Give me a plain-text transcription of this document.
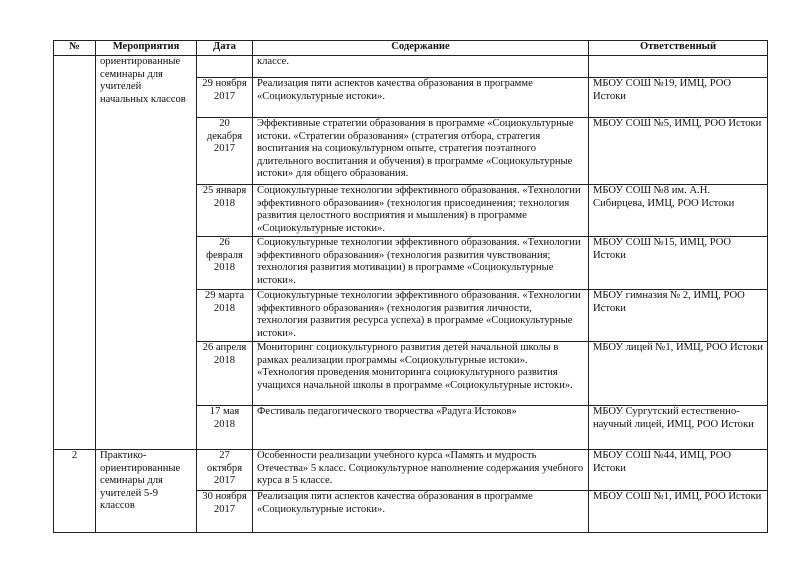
№	Мероприятия	Дата	Содержание	Ответственный
	ориентированные семинары для учителей начальных классов		классе.	
		29 ноября 2017	Реализация пяти аспектов качества образования в программе «Социокультурные истоки».	МБОУ СОШ №19, ИМЦ, РОО Истоки
		20 декабря 2017	Эффективные стратегии образования в программе «Социокультурные истоки. «Стратегии образования» (стратегия отбора, стратегия воспитания на социокультурном опыте, стратегия поэтапного длительного воспитания и обучения) в программе «Социокультурные истоки» для общего образования.	МБОУ СОШ №5, ИМЦ, РОО Истоки
		25 января 2018	Социокультурные технологии эффективного образования. «Технологии эффективного образования» (технология присоединения; технология развития целостного восприятия и мышления) в программе «Социокультурные истоки».	МБОУ СОШ №8 им. А.Н. Сибирцева, ИМЦ, РОО Истоки
		26 февраля 2018	Социокультурные технологии эффективного образования. «Технологии эффективного образования» (технология развития чувствования; технология развития мотивации) в программе «Социокультурные истоки».	МБОУ СОШ №15, ИМЦ, РОО Истоки
		29 марта 2018	Социокультурные технологии эффективного образования. «Технологии эффективного образования» (технология развития личности, технология развития ресурса успеха) в программе «Социокультурные истоки».	МБОУ гимназия № 2, ИМЦ, РОО Истоки
		26 апреля 2018	Мониторинг социокультурного развития детей начальной школы в рамках реализации программы «Социокультурные истоки». «Технология проведения мониторинга социокультурного развития учащихся начальной школы в программе «Социокультурные истоки».	МБОУ лицей №1, ИМЦ, РОО Истоки
		17 мая 2018	Фестиваль педагогического творчества «Радуга Истоков»	МБОУ Сургутский естественно-научный лицей, ИМЦ, РОО Истоки
2	Практико-ориентированные семинары для учителей 5-9 классов	27 октября 2017	Особенности реализации учебного курса «Память и мудрость Отечества» 5 класс. Социокультурное наполнение содержания учебного курса в 5 классе.	МБОУ СОШ №44, ИМЦ, РОО Истоки
		30 ноября 2017	Реализация пяти аспектов качества образования в программе «Социокультурные истоки».	МБОУ СОШ №1, ИМЦ, РОО Истоки
